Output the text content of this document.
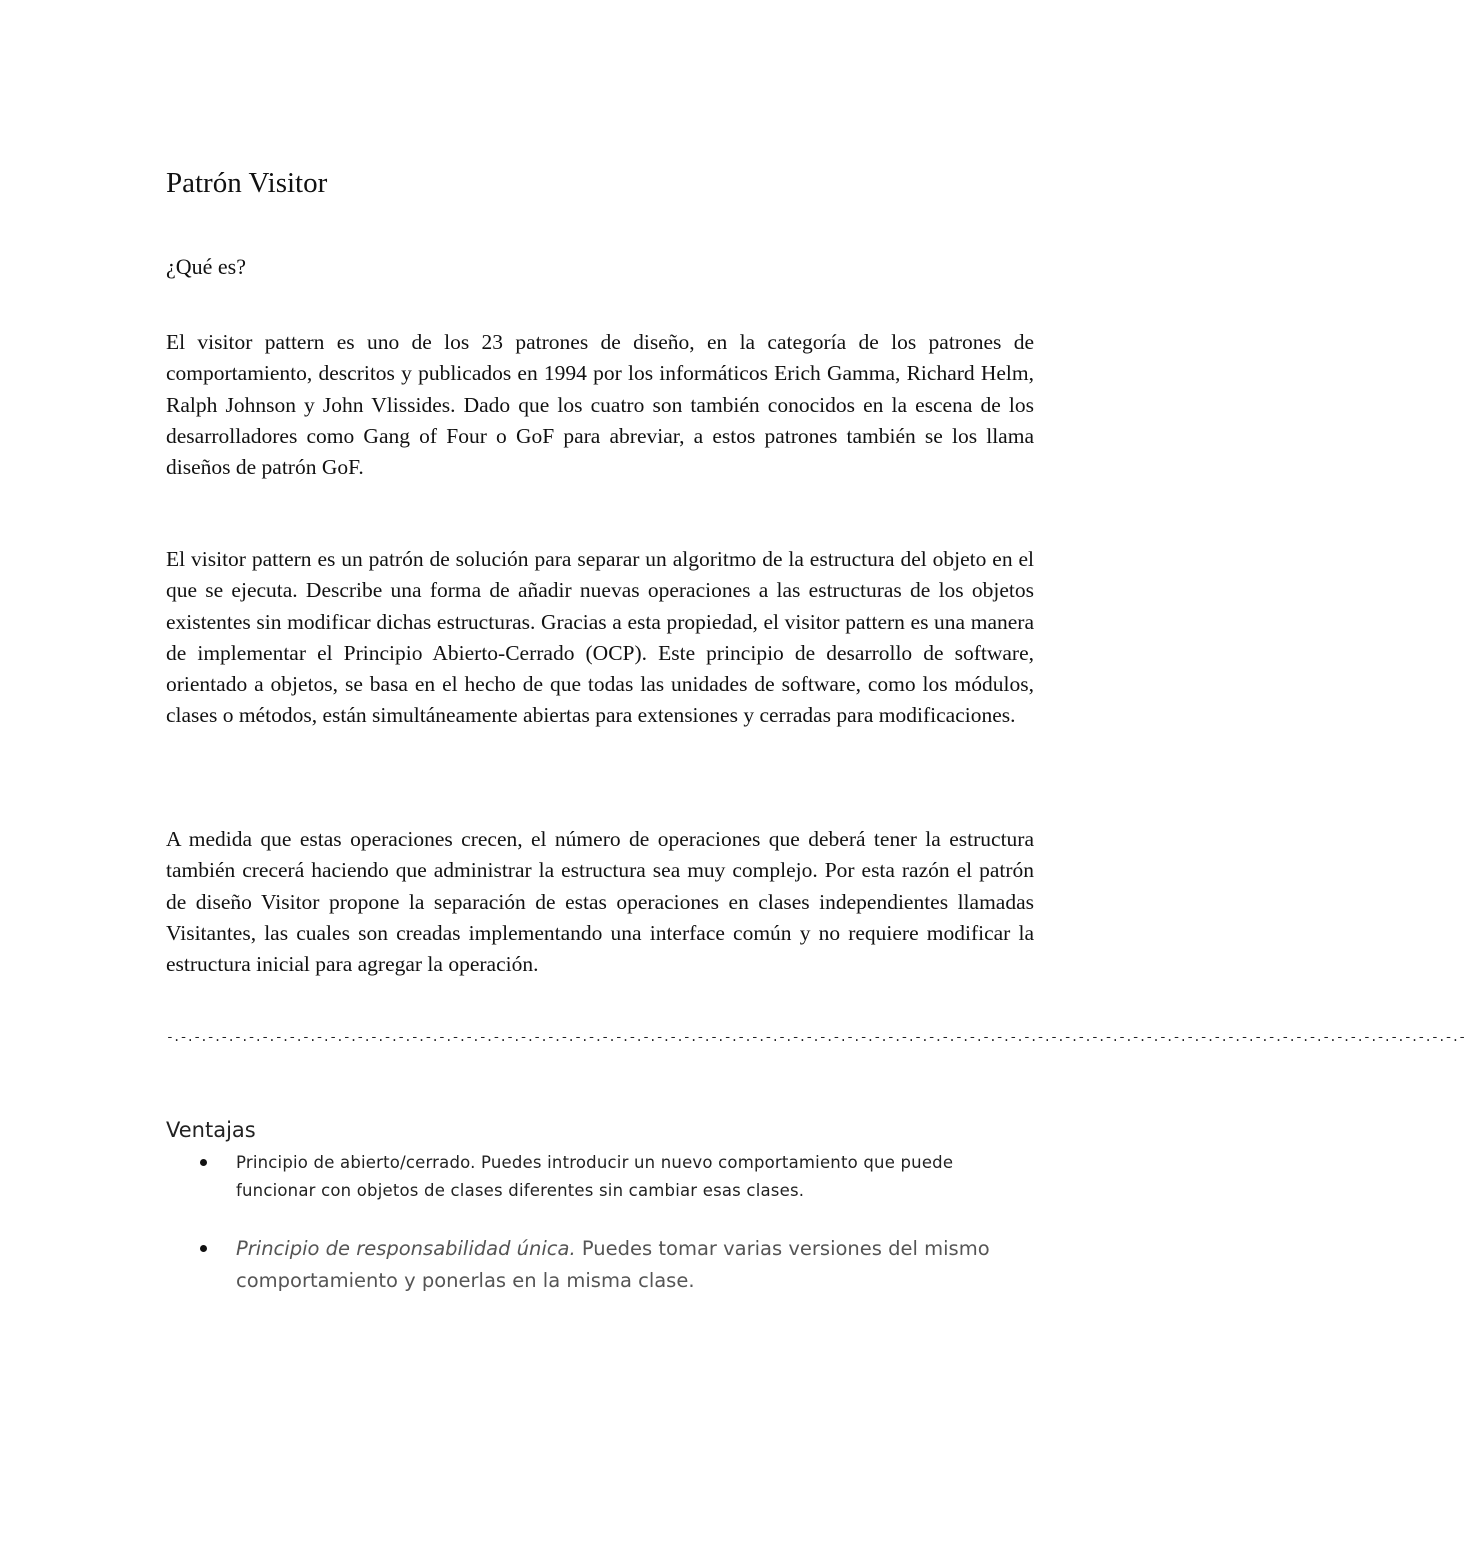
Patrón Visitor

¿Qué es?

El visitor pattern es uno de los 23 patrones de diseño, en la categoría de los patrones de comportamiento, descritos y publicados en 1994 por los informáticos Erich Gamma, Richard Helm, Ralph Johnson y John Vlissides. Dado que los cuatro son también conocidos en la escena de los desarrolladores como Gang of Four o GoF para abreviar, a estos patrones también se los llama diseños de patrón GoF.

El visitor pattern es un patrón de solución para separar un algoritmo de la estructura del objeto en el que se ejecuta. Describe una forma de añadir nuevas operaciones a las estructuras de los objetos existentes sin modificar dichas estructuras. Gracias a esta propiedad, el visitor pattern es una manera de implementar el Principio Abierto-Cerrado (OCP). Este principio de desarrollo de software, orientado a objetos, se basa en el hecho de que todas las unidades de software, como los módulos, clases o métodos, están simultáneamente abiertas para extensiones y cerradas para modificaciones.

A medida que estas operaciones crecen, el número de operaciones que deberá tener la estructura también crecerá haciendo que administrar la estructura sea muy complejo. Por esta razón el patrón de diseño Visitor propone la separación de estas operaciones en clases independientes llamadas Visitantes, las cuales son creadas implementando una interface común y no requiere modificar la estructura inicial para agregar la operación.

-.-.-.-.-.-.-.-.-.-.-.-.-.-.-.-.-.-.-.-.-.-.-.-.-.-.-.-.-.-.-.-.-.-.-.-.-.-.-.-.-.-.-.-.-.-.-.-.-.-.-.-.-.-.-.-.-.-.-.-.-.-.-.-.-.-.-.-.-.-.-.-.-.-.-.-.-.-.-.-.-.-.-.-.-.-.-.-.-.-.-.-.-.-.-.-
Ventajas
Principio de abierto/cerrado. Puedes introducir un nuevo comportamiento que puede funcionar con objetos de clases diferentes sin cambiar esas clases.
Principio de responsabilidad única. Puedes tomar varias versiones del mismo comportamiento y ponerlas en la misma clase.
